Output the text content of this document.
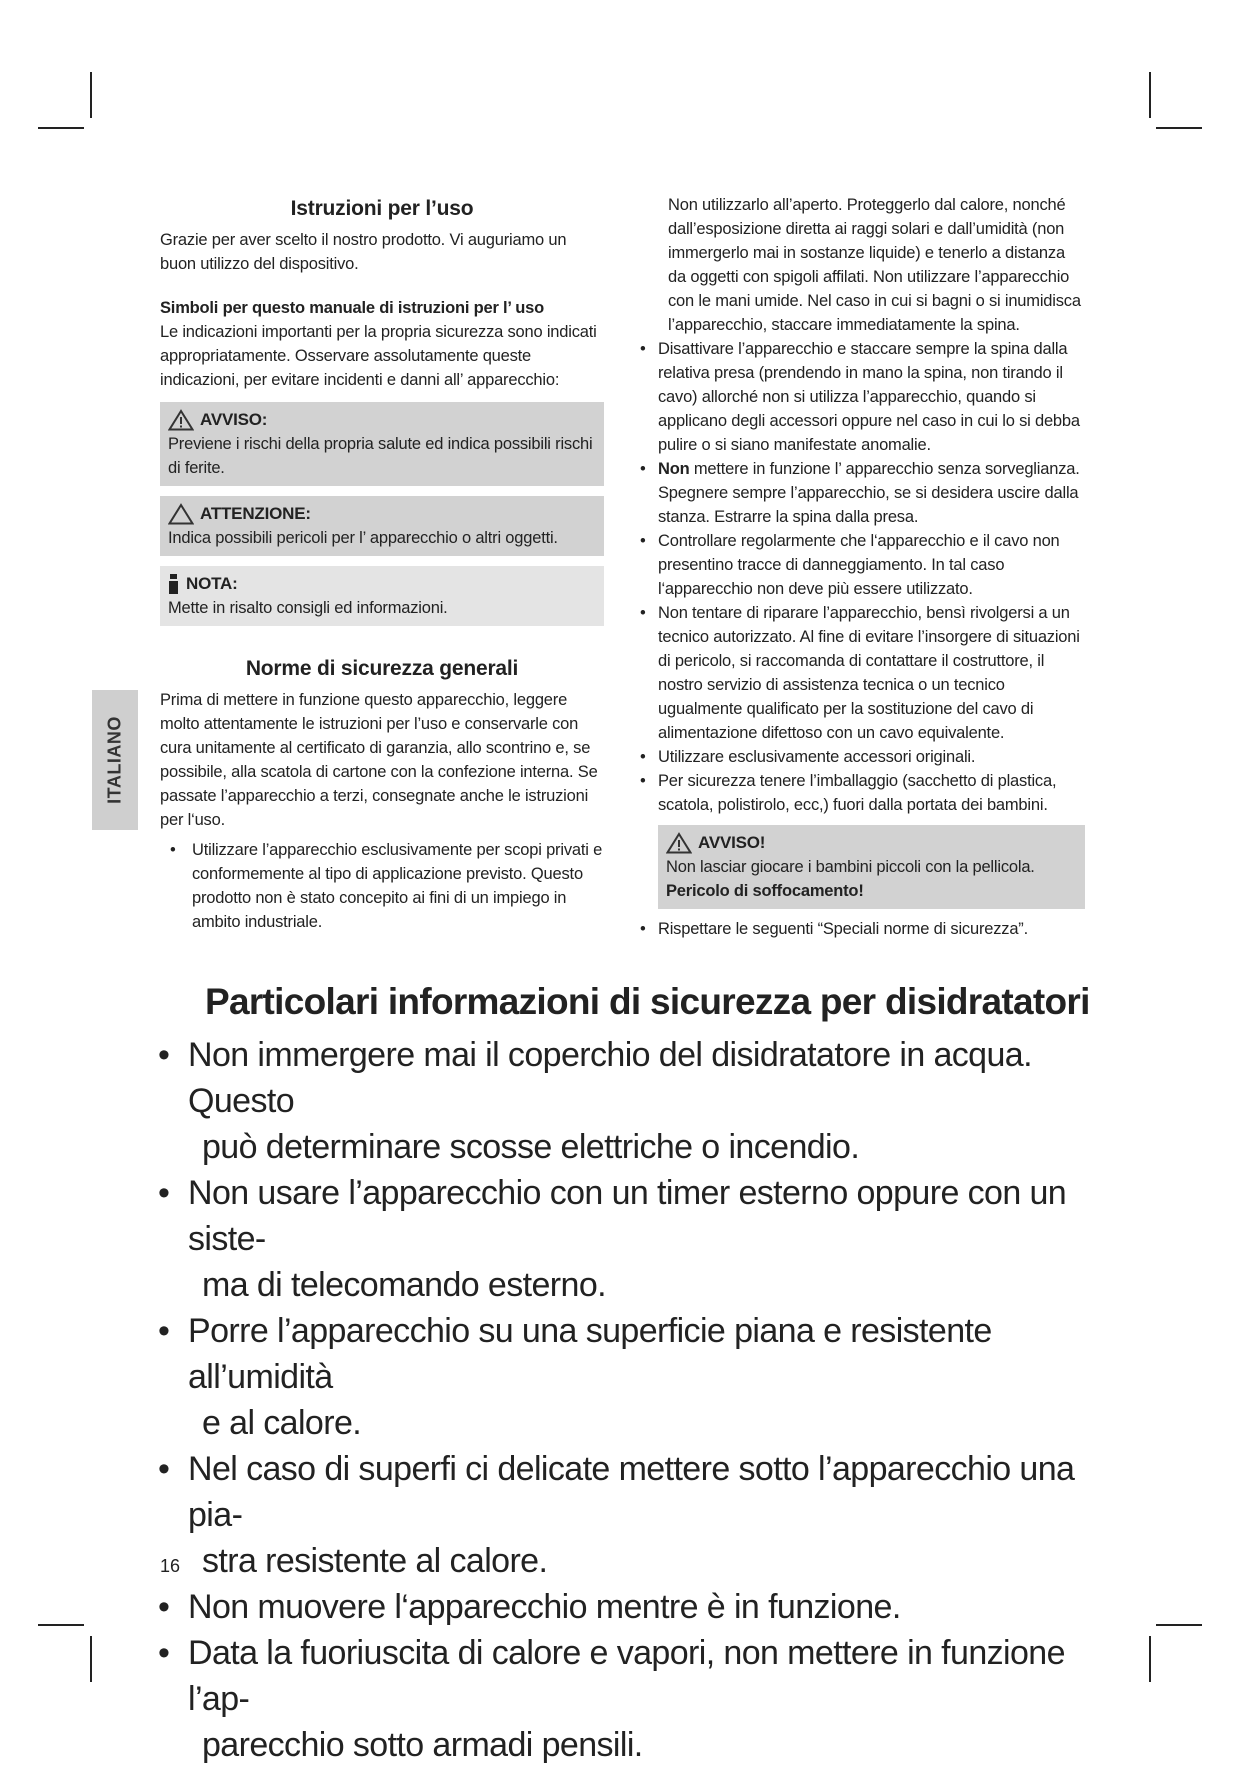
ITALIANO
Istruzioni per l’uso

Grazie per aver scelto il nostro prodotto. Vi auguriamo un buon utilizzo del dispositivo.

Simboli per questo manuale di istruzioni per l’ uso

Le indicazioni importanti per la propria sicurezza sono indicati appropriatamente. Osservare assolutamente queste indicazioni, per evitare incidenti e danni all’ apparecchio:

AVVISO:

Previene i rischi della propria salute ed indica possibili rischi di ferite.

ATTENZIONE:

Indica possibili pericoli per l’ apparecchio o altri oggetti.

NOTA:

Mette in risalto consigli ed informazioni.

Norme di sicurezza generali

Prima di mettere in funzione questo apparecchio, leggere molto attentamente le istruzioni per l’uso e conservarle con cura unitamente al certificato di garanzia, allo scontrino e, se possibile, alla scatola di cartone con la confezione interna. Se passate l’apparecchio a terzi, consegnate anche le istruzioni per l‘uso.

• Utilizzare l’apparecchio esclusivamente per scopi privati e conformemente al tipo di applicazione previsto. Questo prodotto non è stato concepito ai fini di un impiego in ambito industriale.
Non utilizzarlo all’aperto. Proteggerlo dal calore, nonché dall’esposizione diretta ai raggi solari e dall’umidità (non immergerlo mai in sostanze liquide) e tenerlo a distanza da oggetti con spigoli affilati. Non utilizzare l’apparecchio con le mani umide. Nel caso in cui si bagni o si inumidisca l’apparecchio, staccare immediatamente la spina.
• Disattivare l’apparecchio e staccare sempre la spina dalla relativa presa (prendendo in mano la spina, non tirando il cavo) allorché non si utilizza l’apparecchio, quando si applicano degli accessori oppure nel caso in cui lo si debba pulire o si siano manifestate anomalie.
• Non mettere in funzione l’ apparecchio senza sorveglianza. Spegnere sempre l’apparecchio, se si desidera uscire dalla stanza. Estrarre la spina dalla presa.
• Controllare regolarmente che l‘apparecchio e il cavo non presentino tracce di danneggiamento. In tal caso l‘apparecchio non deve più essere utilizzato.
• Non tentare di riparare l’apparecchio, bensì rivolgersi a un tecnico autorizzato. Al fine di evitare l’insorgere di situazioni di pericolo, si raccomanda di contattare il costruttore, il nostro servizio di assistenza tecnica o un tecnico ugualmente qualificato per la sostituzione del cavo di alimentazione difettoso con un cavo equivalente.
• Utilizzare esclusivamente accessori originali.
• Per sicurezza tenere l’imballaggio (sacchetto di plastica, scatola, polistirolo, ecc,) fuori dalla portata dei bambini.
AVVISO!

Non lasciar giocare i bambini piccoli con la pellicola.

Pericolo di soffocamento!

• Rispettare le seguenti “Speciali norme di sicurezza”.
Particolari informazioni di sicurezza per disidratatori
• Non immergere mai il coperchio del disidratatore in acqua. Questo
può determinare scosse elettriche o incendio.
• Non usare l’apparecchio con un timer esterno oppure con un siste-
ma di telecomando esterno.
• Porre l’apparecchio su una superficie piana e resistente all’umidità
e al calore.
• Nel caso di superfi ci delicate mettere sotto l’apparecchio una pia-
stra resistente al calore.
• Non muovere l‘apparecchio mentre è in funzione.
• Data la fuoriuscita di calore e vapori, non mettere in funzione l’ap-
parecchio sotto armadi pensili.
16
